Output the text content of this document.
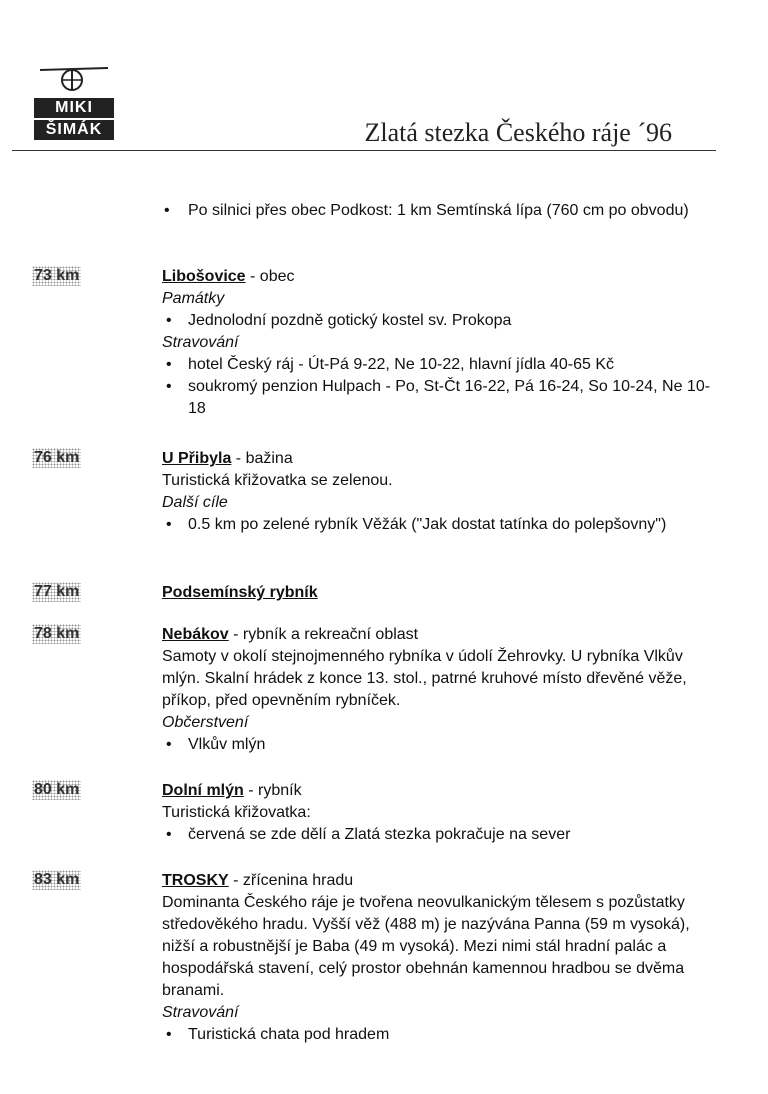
MIKI
ŠIMÁK	Zlatá stezka Českého ráje ´96
• Po silnici přes obec Podkost: 1 km Semtínská lípa (760 cm po obvodu)
73 km	Libošovice - obec

Památky

• Jednolodní pozdně gotický kostel sv. Prokopa

Stravování

• hotel Český ráj - Út-Pá 9-22, Ne 10-22, hlavní jídla 40-65 Kč
• soukromý penzion Hulpach - Po, St-Čt 16-22, Pá 16-24, So 10-24, Ne 10-18
76 km	U Přibyla - bažina

Turistická křižovatka se zelenou.

Další cíle

• 0.5 km po zelené rybník Věžák ("Jak dostat tatínka do polepšovny")
77 km	Podsemínský rybník

78 km	Nebákov - rybník a rekreační oblast

Samoty v okolí stejnojmenného rybníka v údolí Žehrovky. U rybníka Vlkův mlýn. Skalní hrádek z konce 13. stol., patrné kruhové místo dřevěné věže, příkop, před opevněním rybníček.

Občerstvení

• Vlkův mlýn
80 km	Dolní mlýn - rybník

Turistická křižovatka:

• červená se zde dělí a Zlatá stezka pokračuje na sever
83 km	TROSKY - zřícenina hradu

Dominanta Českého ráje je tvořena neovulkanickým tělesem s pozůstatky středověkého hradu. Vyšší věž (488 m) je nazývána Panna (59 m vysoká), nižší a robustnější je Baba (49 m vysoká). Mezi nimi stál hradní palác a hospodářská stavení, celý prostor obehnán kamennou hradbou se dvěma branami.

Stravování

• Turistická chata pod hradem
